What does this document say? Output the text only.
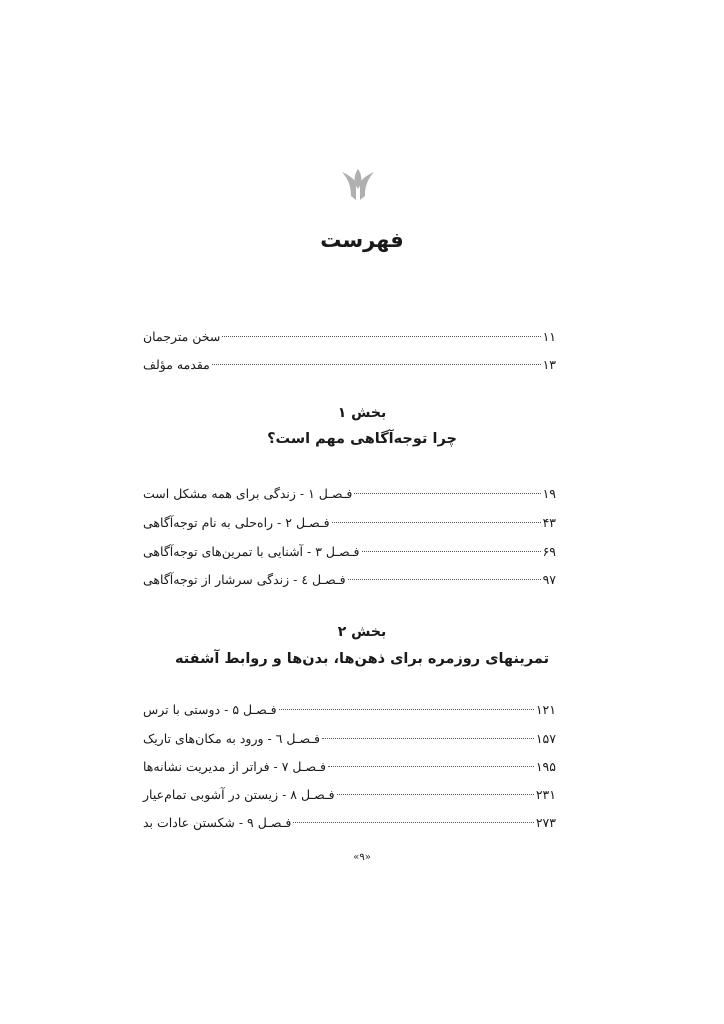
فهرست
سخن مترجمان	۱۱
مقدمه مؤلف	۱۳
بخش ۱
چرا توجه‌آگاهی مهم است؟
فـصـل ۱ - زندگی برای همه مشکل است	۱۹
فـصـل ۲ - راه‌حلی به نام توجه‌آگاهی	۴۳
فـصـل ۳ - آشنایی با تمرین‌های توجه‌آگاهی	۶۹
فـصـل ٤ - زندگی سرشار از توجه‌آگاهی	۹۷
بخش ۲
تمرینهای روزمره برای ذهن‌ها، بدن‌ها و روابط آشفته
فـصـل ۵ - دوستی با ترس	۱۲۱
فـصـل ٦ - ورود به مکان‌های تاریک	۱۵۷
فـصـل ۷ - فراتر از مدیریت نشانه‌ها	۱۹۵
فـصـل ۸ - زیستن در آشوبی تمام‌عیار	۲۳۱
فـصـل ۹ - شکستن عادات بد	۲۷۳
«۹»
